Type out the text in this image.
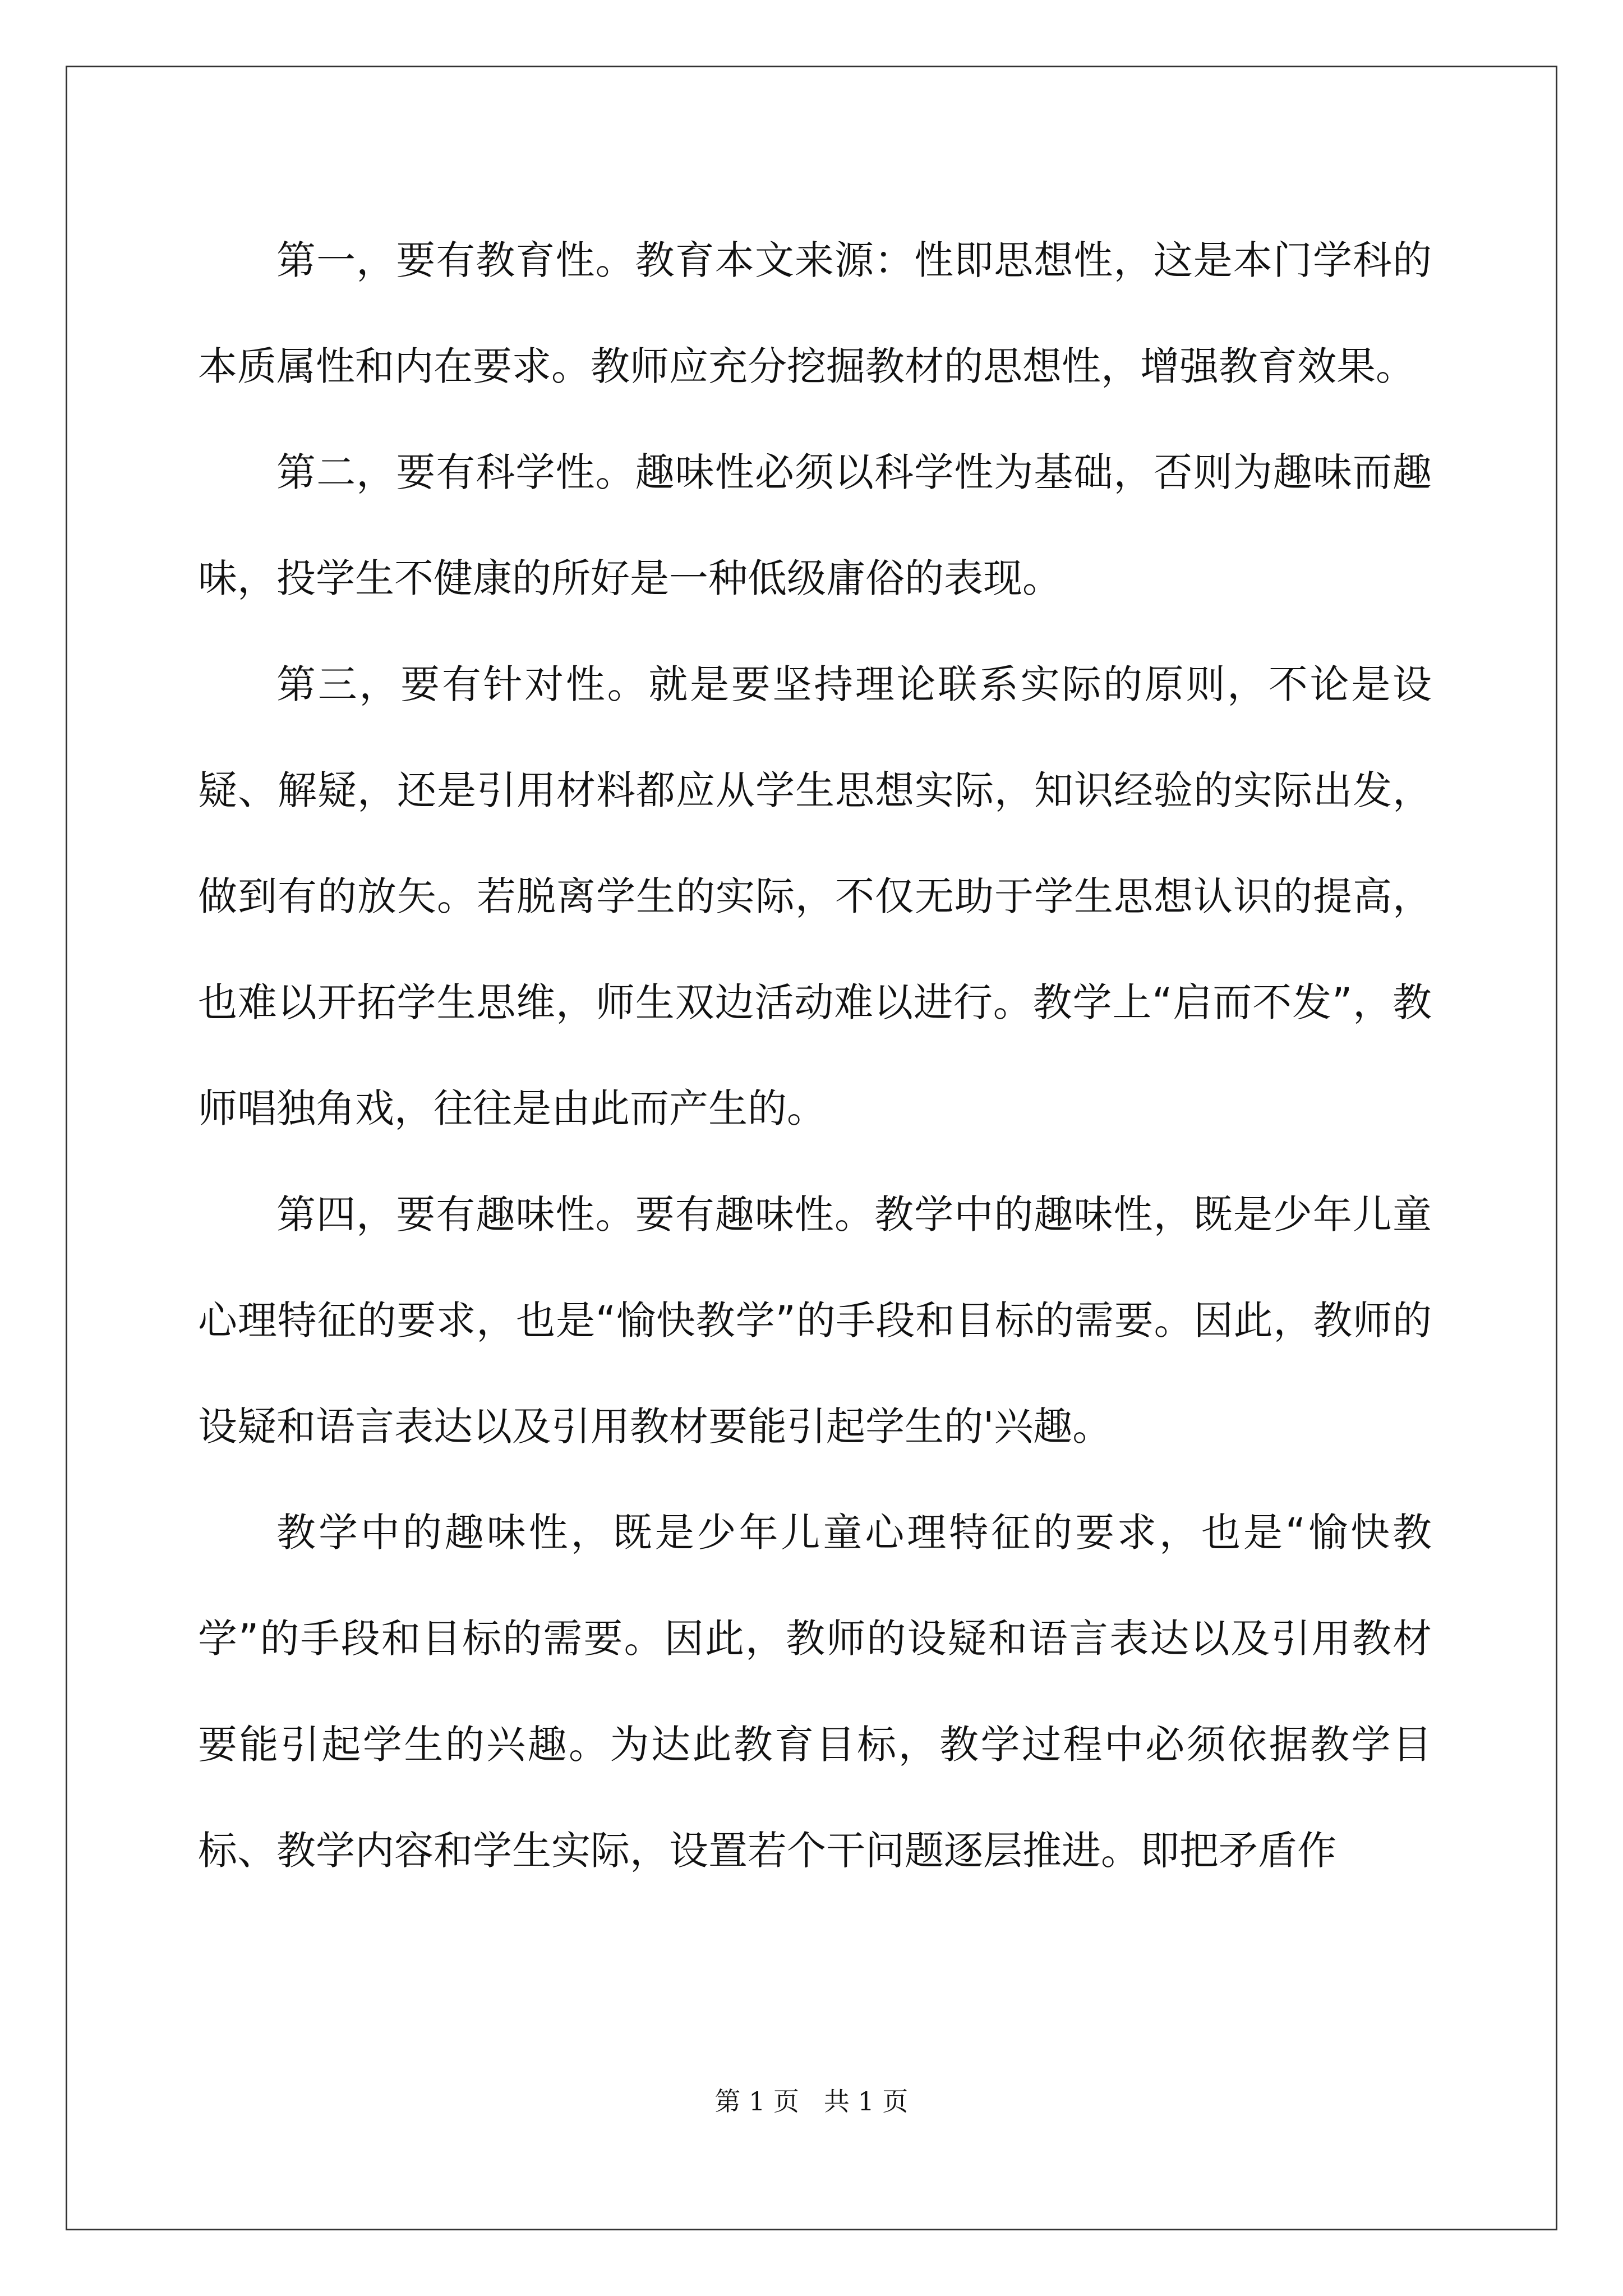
第一，要有教育性。教育本文来源：性即思想性，这是本门学科的本质属性和内在要求。教师应充分挖掘教材的思想性，增强教育效果。

第二，要有科学性。趣味性必须以科学性为基础，否则为趣味而趣味，投学生不健康的所好是一种低级庸俗的表现。

第三，要有针对性。就是要坚持理论联系实际的原则，不论是设疑、解疑，还是引用材料都应从学生思想实际，知识经验的实际出发，做到有的放矢。若脱离学生的实际，不仅无助于学生思想认识的提高，也难以开拓学生思维，师生双边活动难以进行。教学上“启而不发”，教师唱独角戏，往往是由此而产生的。

第四，要有趣味性。要有趣味性。教学中的趣味性，既是少年儿童心理特征的要求，也是“愉快教学”的手段和目标的需要。因此，教师的设疑和语言表达以及引用教材要能引起学生的'兴趣。

教学中的趣味性，既是少年儿童心理特征的要求，也是“愉快教学”的手段和目标的需要。因此，教师的设疑和语言表达以及引用教材要能引起学生的兴趣。为达此教育目标，教学过程中必须依据教学目标、教学内容和学生实际，设置若个干问题逐层推进。即把矛盾作

第 1 页   共 1 页
